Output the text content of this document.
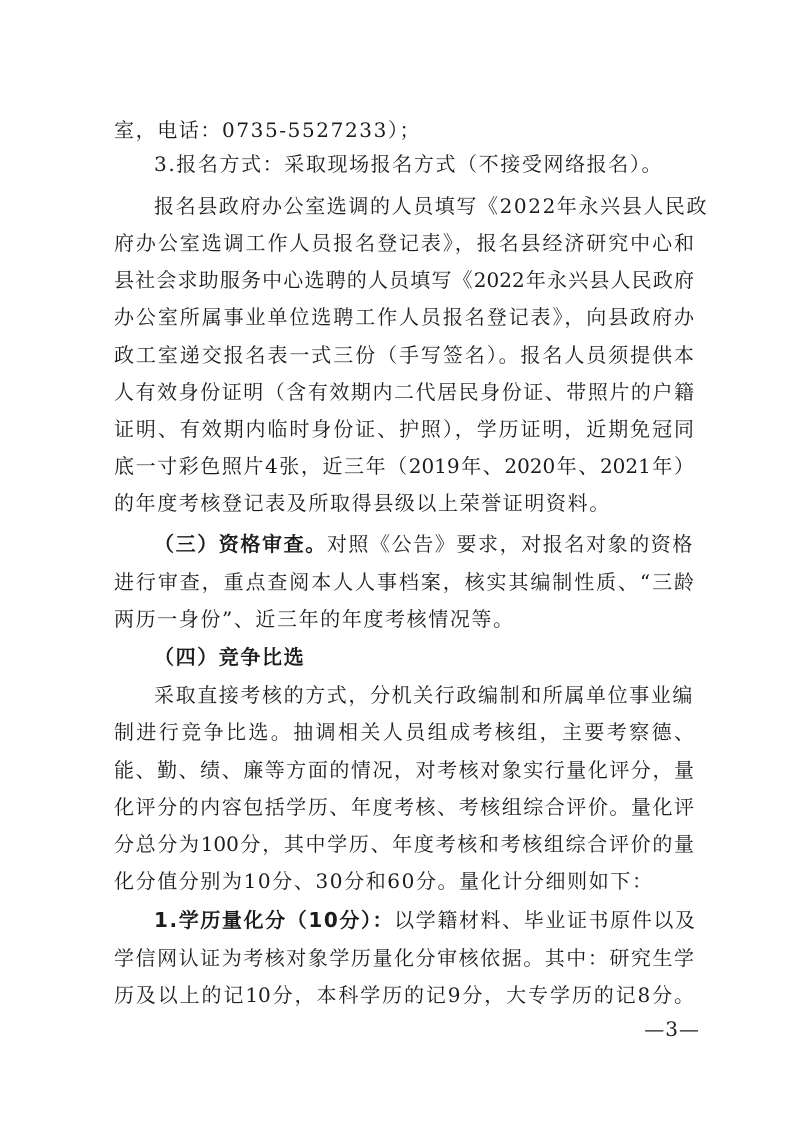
室，电话：0735-5527233）；
3.报名方式：采取现场报名方式（不接受网络报名）。
报名县政府办公室选调的人员填写《2022年永兴县人民政
府办公室选调工作人员报名登记表》，报名县经济研究中心和
县社会求助服务中心选聘的人员填写《2022年永兴县人民政府
办公室所属事业单位选聘工作人员报名登记表》，向县政府办
政工室递交报名表一式三份（手写签名）。报名人员须提供本
人有效身份证明（含有效期内二代居民身份证、带照片的户籍
证明、有效期内临时身份证、护照），学历证明，近期免冠同
底一寸彩色照片4张，近三年（2019年、2020年、2021年）
的年度考核登记表及所取得县级以上荣誉证明资料。
（三）资格审查。对照《公告》要求，对报名对象的资格
进行审查，重点查阅本人人事档案，核实其编制性质、“三龄
两历一身份”、近三年的年度考核情况等。
（四）竞争比选
采取直接考核的方式，分机关行政编制和所属单位事业编
制进行竞争比选。抽调相关人员组成考核组，主要考察德、
能、勤、绩、廉等方面的情况，对考核对象实行量化评分，量
化评分的内容包括学历、年度考核、考核组综合评价。量化评
分总分为100分，其中学历、年度考核和考核组综合评价的量
化分值分别为10分、30分和60分。量化计分细则如下：
1.学历量化分（10分）：以学籍材料、毕业证书原件以及
学信网认证为考核对象学历量化分审核依据。其中：研究生学
历及以上的记10分，本科学历的记9分，大专学历的记8分。
—3—
